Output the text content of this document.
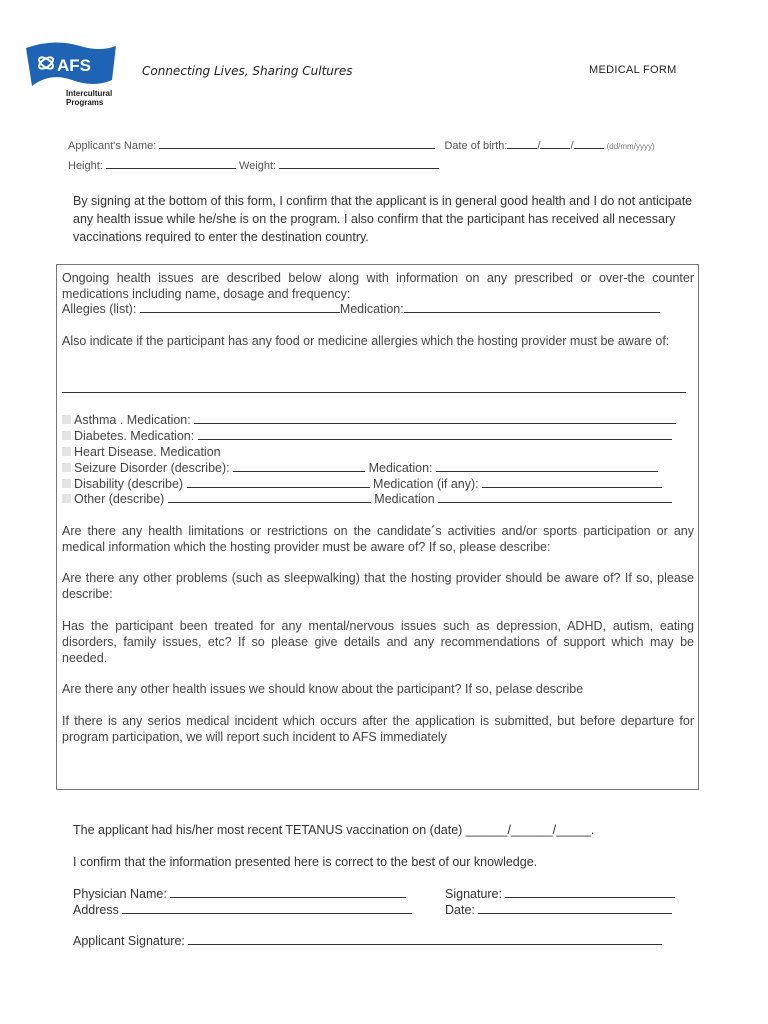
AFS
Intercultural
Programs
Connecting Lives, Sharing Cultures	MEDICAL FORM
Applicant's Name:	Date of birth:	/	/	(dd/mm/yyyy)
Height:	Weight:
By signing at the bottom of this form, I confirm that the applicant is in general good health and I do not anticipate any health issue while he/she is on the program. I also confirm that the participant has received all necessary vaccinations required to enter the destination country.
Ongoing health issues are described below along with information on any prescribed or over-the counter medications including name, dosage and frequency:
Allegies (list):	Medication:
Also indicate if the participant has any food or medicine allergies which the hosting provider must be aware of:
Asthma . Medication:
Diabetes. Medication:
Heart Disease. Medication
Seizure Disorder (describe):	Medication:
Disability (describe)	Medication (if any):
Other (describe)	Medication
Are there any health limitations or restrictions on the candidate´s activities and/or sports participation or any medical information which the hosting provider must be aware of? If so, please describe:
Are there any other problems (such as sleepwalking) that the hosting provider should be aware of? If so, please describe:
Has the participant been treated for any mental/nervous issues such as depression, ADHD, autism, eating disorders, family issues, etc? If so please give details and any recommendations of support which may be needed.
Are there any other health issues we should know about the participant? If so, pelase describe
If there is any serios medical incident which occurs after the application is submitted, but before departure for program participation, we will report such incident to AFS immediately
The applicant had his/her most recent TETANUS vaccination on (date) ______/______/_____.
I confirm that the information presented here is correct to the best of our knowledge.
Physician Name:	Signature:
Address	Date:
Applicant Signature:
